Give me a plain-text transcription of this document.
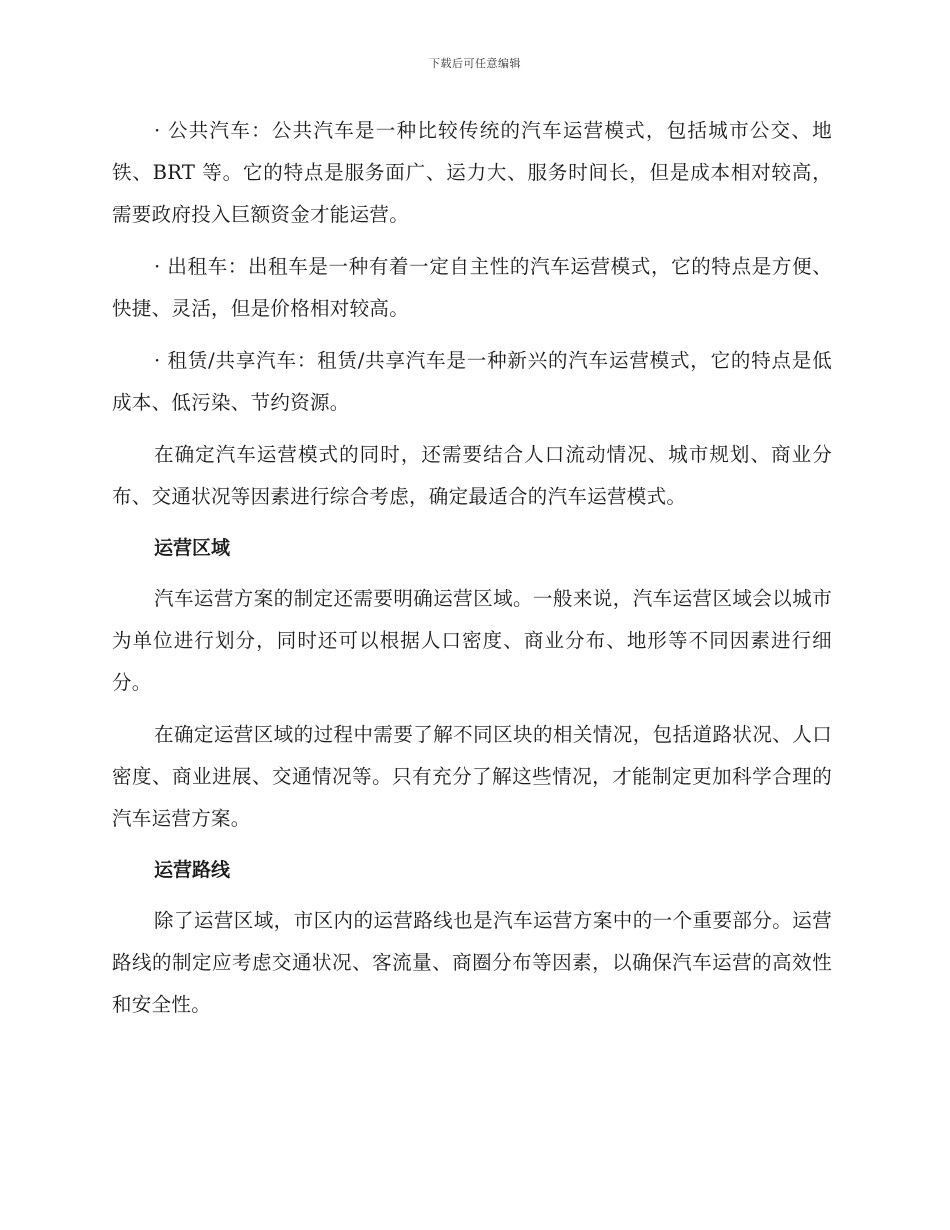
下载后可任意编辑

· 公共汽车：公共汽车是一种比较传统的汽车运营模式，包括城市公交、地铁、BRT 等。它的特点是服务面广、运力大、服务时间长，但是成本相对较高，需要政府投入巨额资金才能运营。

· 出租车：出租车是一种有着一定自主性的汽车运营模式，它的特点是方便、快捷、灵活，但是价格相对较高。

· 租赁/共享汽车：租赁/共享汽车是一种新兴的汽车运营模式，它的特点是低成本、低污染、节约资源。

在确定汽车运营模式的同时，还需要结合人口流动情况、城市规划、商业分布、交通状况等因素进行综合考虑，确定最适合的汽车运营模式。

运营区域

汽车运营方案的制定还需要明确运营区域。一般来说，汽车运营区域会以城市为单位进行划分，同时还可以根据人口密度、商业分布、地形等不同因素进行细分。

在确定运营区域的过程中需要了解不同区块的相关情况，包括道路状况、人口密度、商业进展、交通情况等。只有充分了解这些情况，才能制定更加科学合理的汽车运营方案。

运营路线

除了运营区域，市区内的运营路线也是汽车运营方案中的一个重要部分。运营路线的制定应考虑交通状况、客流量、商圈分布等因素，以确保汽车运营的高效性和安全性。
